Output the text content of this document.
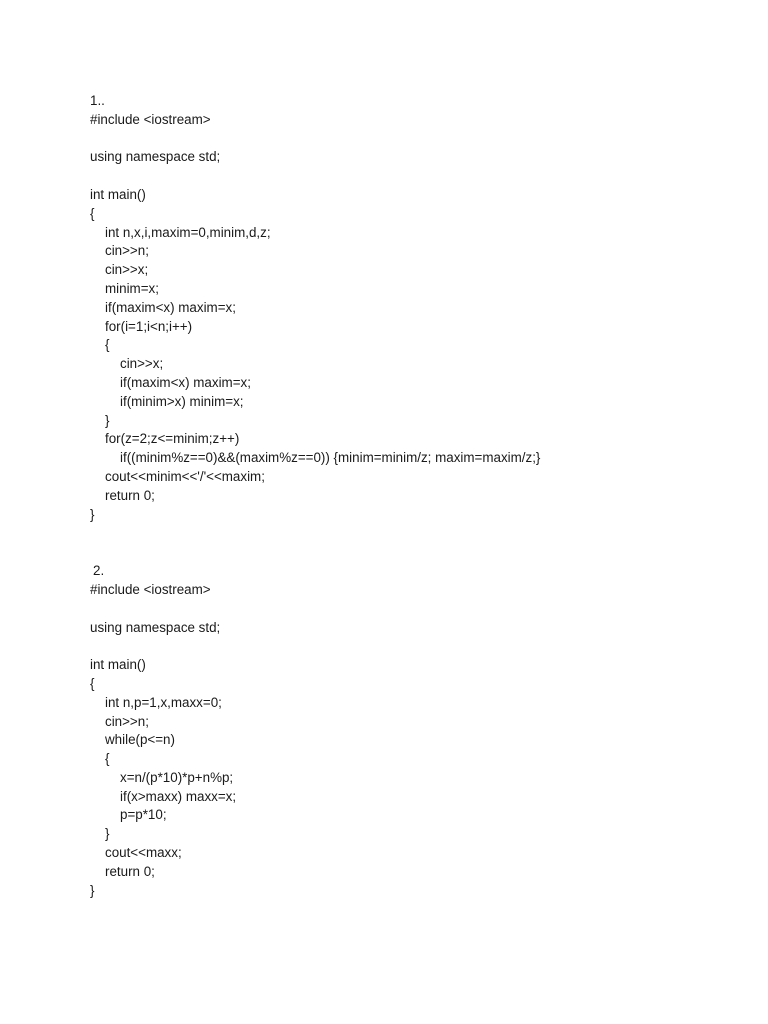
1..
#include <iostream>
using namespace std;
int main()
{
int n,x,i,maxim=0,minim,d,z;
cin>>n;
cin>>x;
minim=x;
if(maxim<x) maxim=x;
for(i=1;i<n;i++)
{
cin>>x;
if(maxim<x) maxim=x;
if(minim>x) minim=x;
}
for(z=2;z<=minim;z++)
if((minim%z==0)&&(maxim%z==0)) {minim=minim/z; maxim=maxim/z;}
cout<<minim<<'/'<<maxim;
return 0;
}
2.
#include <iostream>
using namespace std;
int main()
{
int n,p=1,x,maxx=0;
cin>>n;
while(p<=n)
{
x=n/(p*10)*p+n%p;
if(x>maxx) maxx=x;
p=p*10;
}
cout<<maxx;
return 0;
}
